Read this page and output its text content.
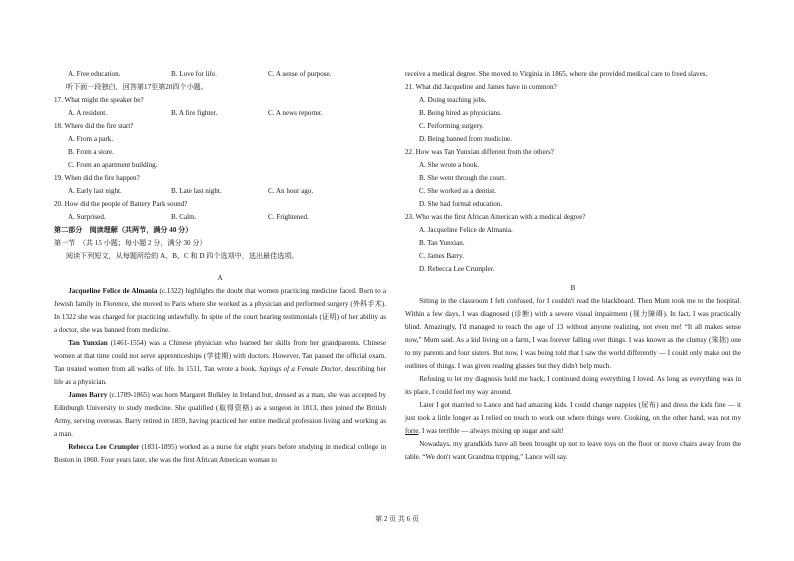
A. Free education.	B. Love for life.	C. A sense of purpose.
听下面一段独白，回答第17至第20四个小题。
17. What might the speaker be?
A. A resident.	B. A fire fighter.	C. A news reporter.
18. Where did the fire start?
A. From a park.
B. From a store.
C. From an apartment building.
19. When did the fire happen?
A. Early last night.	B. Late last night.	C. An hour ago.
20. How did the people of Battery Park sound?
A. Surprised.	B. Calm.	C. Frightened.
第二部分　阅读理解（共两节，满分 40 分）
第一节　（共 15 小题；每小题 2 分，满分 30 分）
阅读下列短文，从每题所给的 A、B、C 和 D 四个选项中，选出最佳选项。
A

Jacqueline Felice de Almania (c.1322) highlights the doubt that women practicing medicine faced. Born to a Jewish family in Florence, she moved to Paris where she worked as a physician and performed surgery (外科手术). In 1322 she was charged for practicing unlawfully. In spite of the court hearing testimonials (证明) of her ability as a doctor, she was banned from medicine.

Tan Yunxian (1461-1554) was a Chinese physician who learned her skills from her grandparents. Chinese women at that time could not serve apprenticeships (学徒期) with doctors. However, Tan passed the official exam. Tan treated women from all walks of life. In 1511, Tan wrote a book, Sayings of a Female Doctor, describing her life as a physician.

James Barry (c.1789-1865) was born Margaret Bulkley in Ireland but, dressed as a man, she was accepted by Edinburgh University to study medicine. She qualified (取得资格) as a surgeon in 1813, then joined the British Army, serving overseas. Barry retired in 1859, having practiced her entire medical profession living and working as a man.

Rebecca Lee Crumpler (1831-1895) worked as a nurse for eight years before studying in medical college in Boston in 1860. Four years later, she was the first African American woman to

receive a medical degree. She moved to Virginia in 1865, where she provided medical care to freed slaves.

21. What did Jacqueline and James have in common?
A. Doing teaching jobs.
B. Being hired as physicians.
C. Performing surgery.
D. Being banned from medicine.
22. How was Tan Yunxian different from the others?
A. She wrote a book.
B. She went through the court.
C. She worked as a dentist.
D. She had formal education.
23. Who was the first African American with a medical degree?
A. Jacqueline Felice de Almania.
B. Tan Yunxian.
C. James Barry.
D. Rebecca Lee Crumpler.
B

Sitting in the classroom I felt confused, for I couldn't read the blackboard. Then Mum took me to the hospital. Within a few days, I was diagnosed (诊断) with a severe visual impairment (视力障碍). In fact, I was practically blind. Amazingly, I'd managed to reach the age of 13 without anyone realizing, not even me! “It all makes sense now,” Mum said. As a kid living on a farm, I was forever falling over things. I was known as the clumsy (笨拙) one to my parents and four sisters. But now, I was being told that I saw the world differently — I could only make out the outlines of things. I was given reading glasses but they didn't help much.

Refusing to let my diagnosis hold me back, I continued doing everything I loved. As long as everything was in its place, I could feel my way around.

Later I got married to Lance and had amazing kids. I could change nappies (尿布) and dress the kids fine — it just took a little longer as I relied on touch to work out where things were. Cooking, on the other hand, was not my forte. I was terrible — always mixing up sugar and salt!

Nowadays, my grandkids have all been brought up not to leave toys on the floor or move chairs away from the table. “We don't want Grandma tripping,” Lance will say.

第 2 页 共 6 页
